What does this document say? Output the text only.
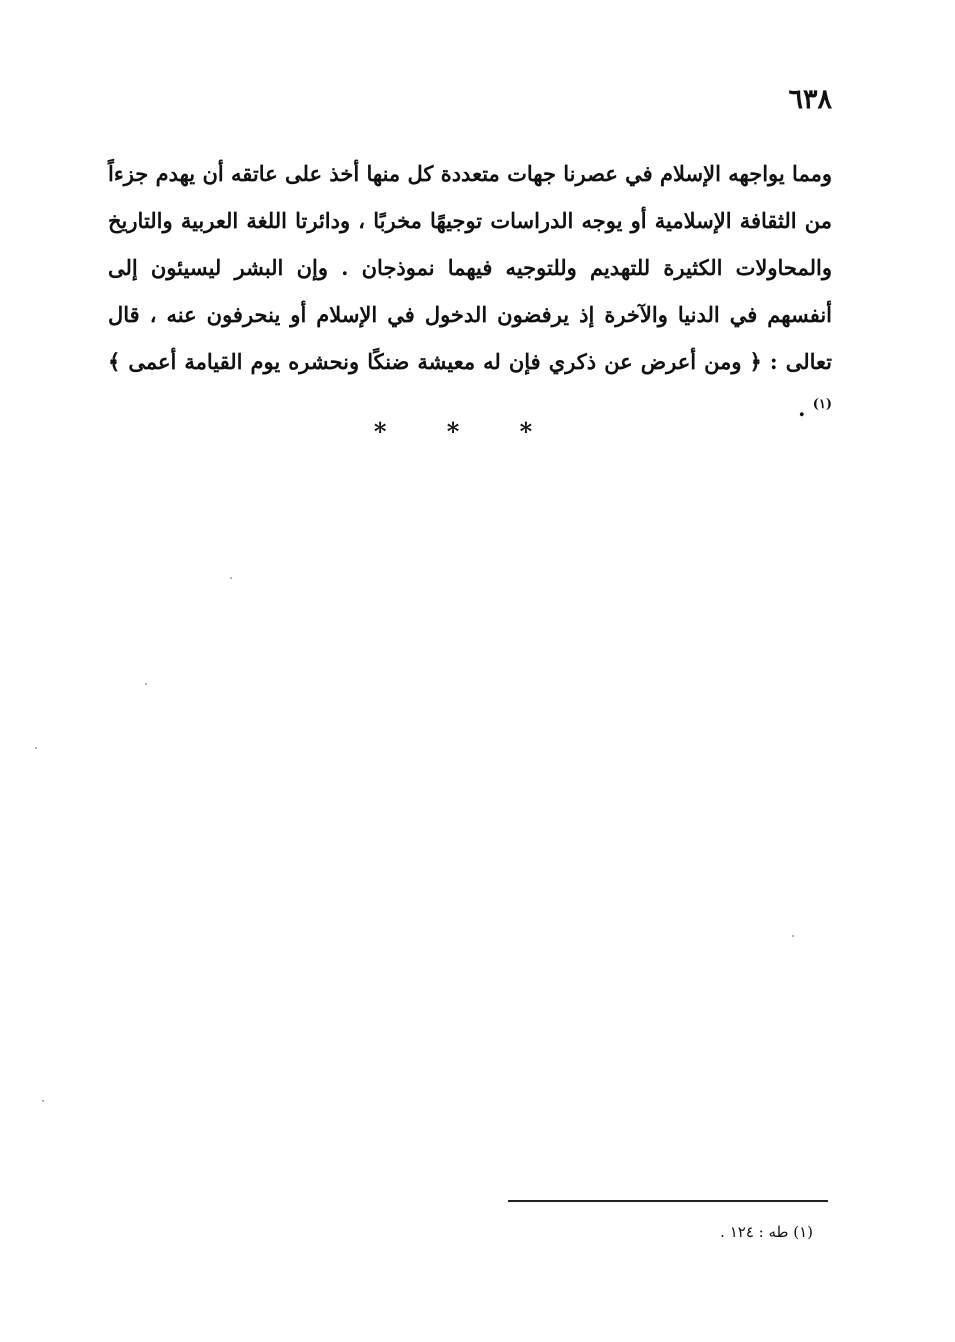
٦٣٨
ومما يواجهه الإسلام في عصرنا جهات متعددة كل منها أخذ على عاتقه أن يهدم جزءاً من الثقافة الإسلامية أو يوجه الدراسات توجيهًا مخربًا ، ودائرتا اللغة العربية والتاريخ والمحاولات الكثيرة للتهديم وللتوجيه فيهما نموذجان . وإن البشر ليسيئون إلى أنفسهم في الدنيا والآخرة إذ يرفضون الدخول في الإسلام أو ينحرفون عنه ، قال تعالى : ﴿ ومن أعرض عن ذكري فإن له معيشة ضنكًا ونحشره يوم القيامة أعمى ﴾ $^{(١)}$ .
* * *
(١) طه : ١٢٤ .
